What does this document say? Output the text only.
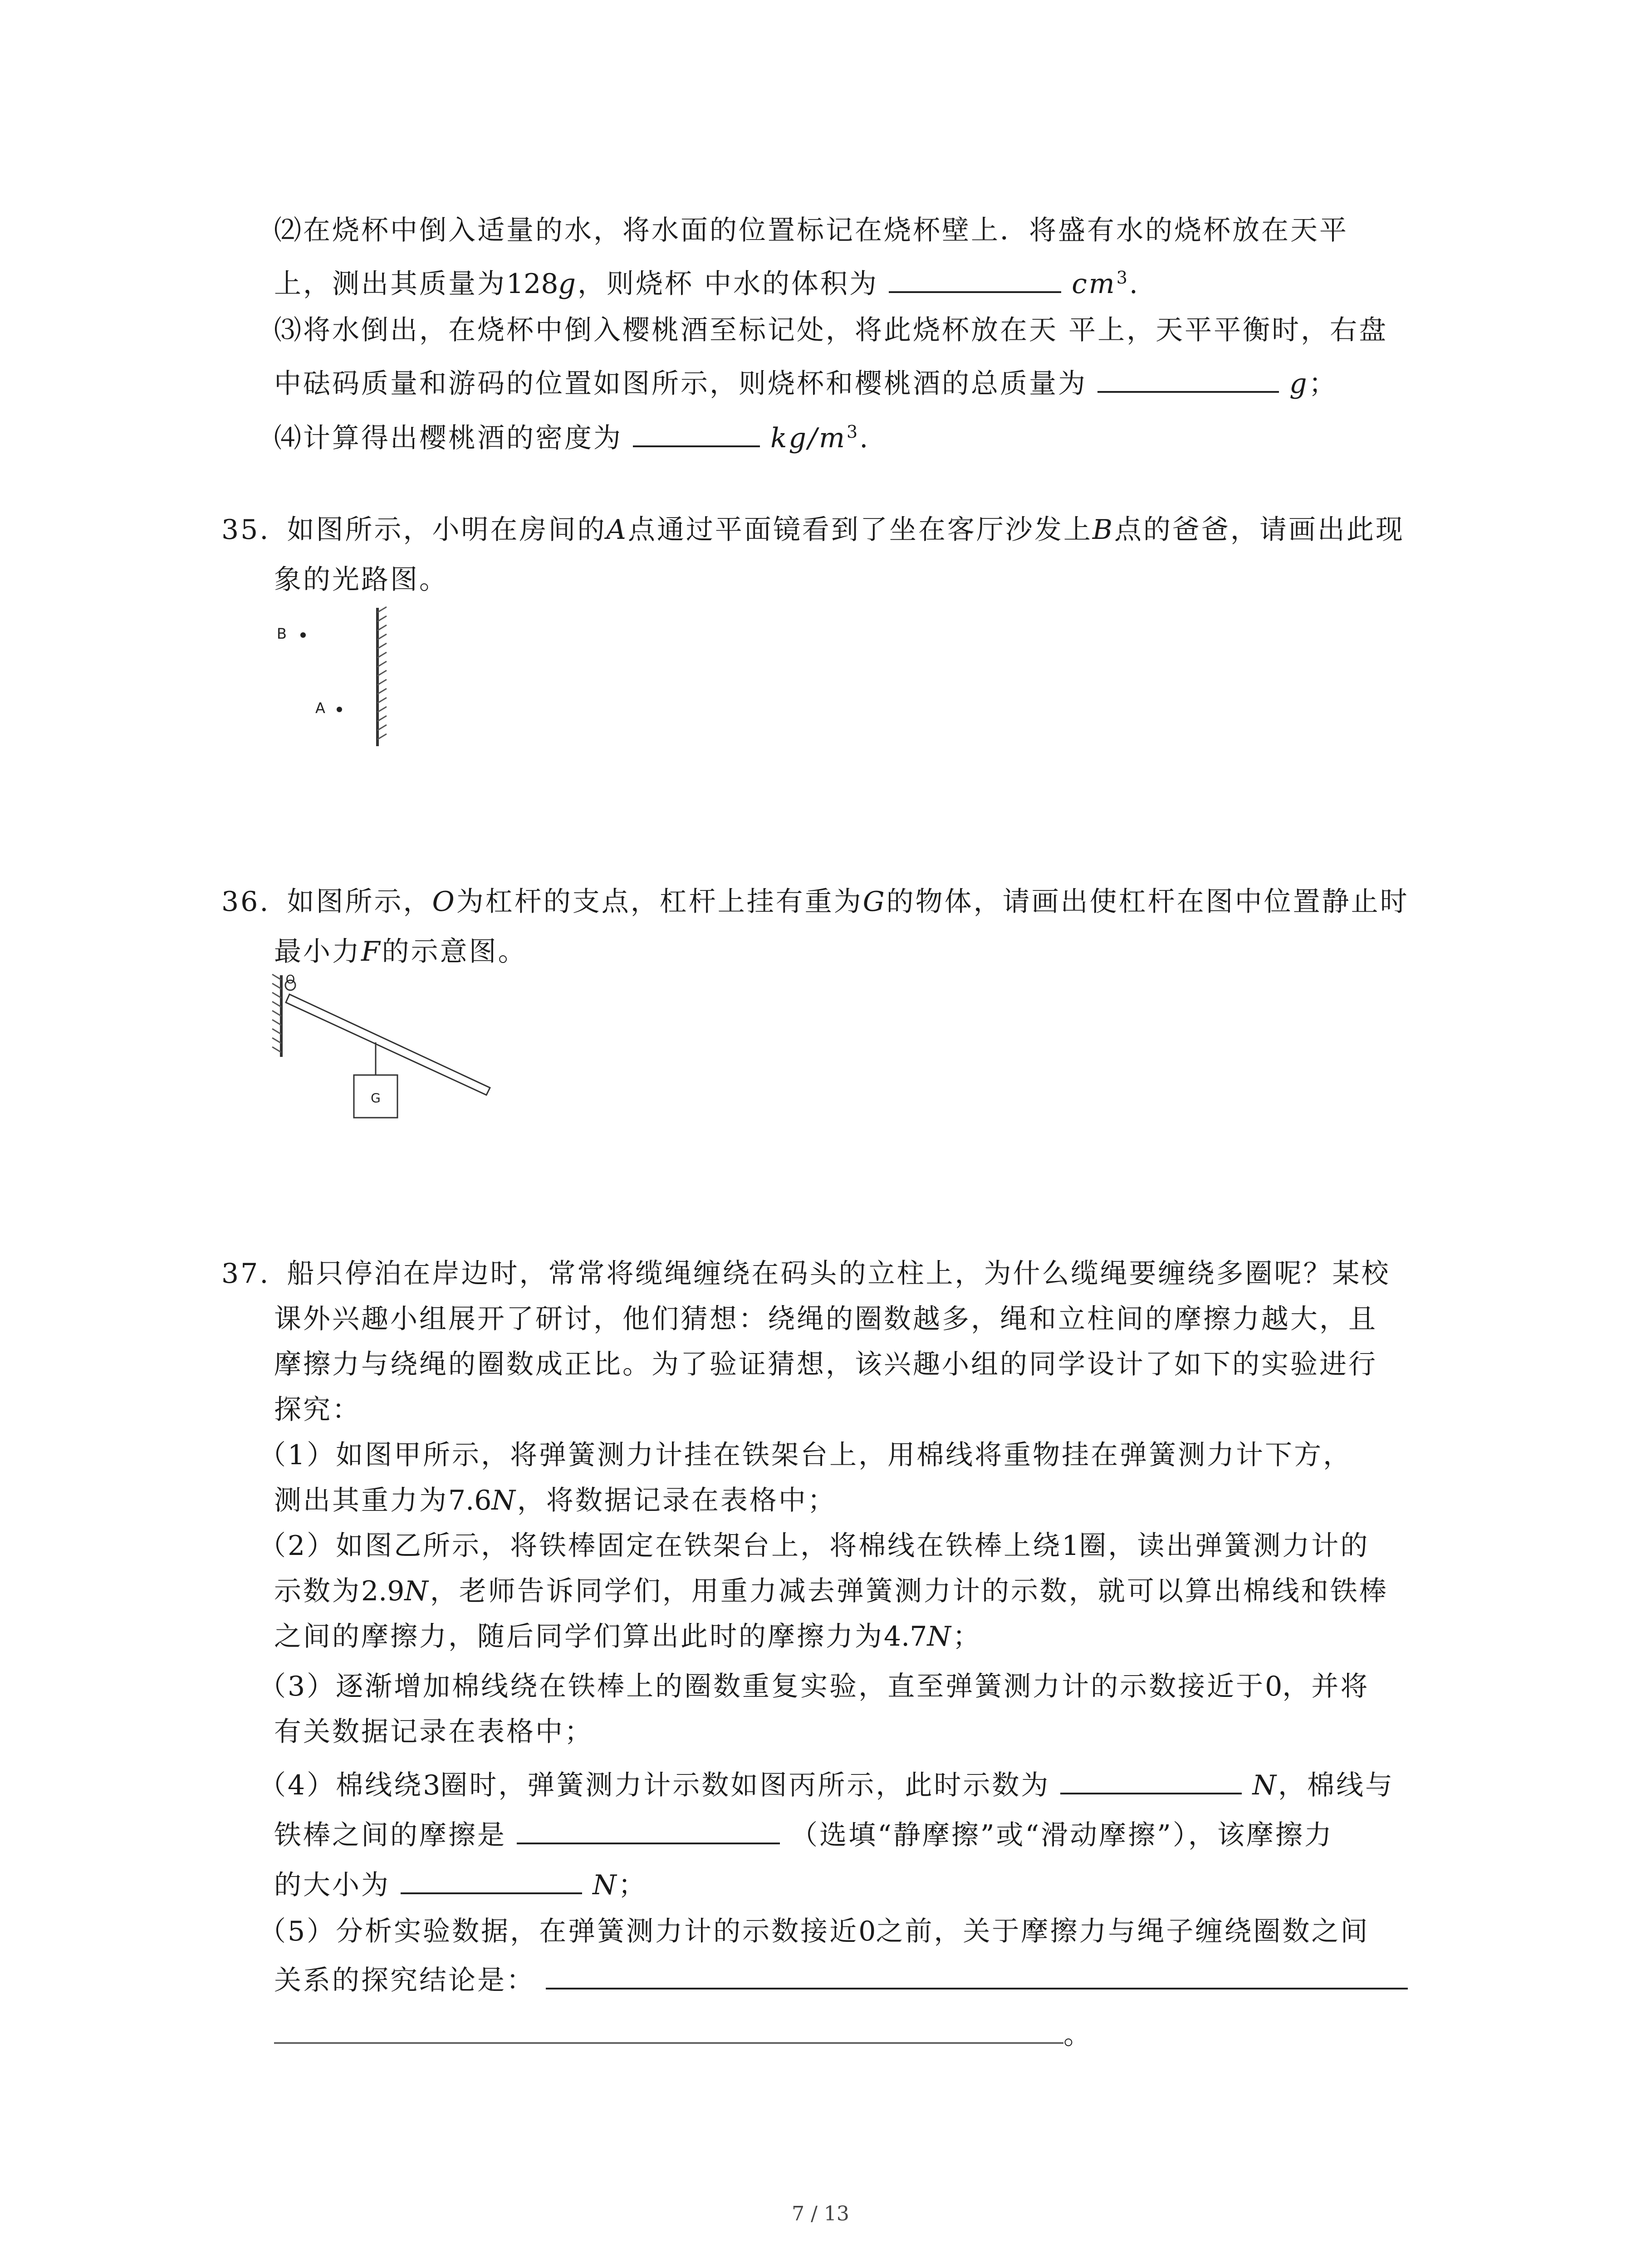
⑵在烧杯中倒入适量的水，将水面的位置标记在烧杯壁上．将盛有水的烧杯放在天平
上，测出其质量为128g，则烧杯 中水的体积为	$cm^3$.
⑶将水倒出，在烧杯中倒入樱桃酒至标记处，将此烧杯放在天 平上，天平平衡时，右盘
中砝码质量和游码的位置如图所示，则烧杯和樱桃酒的总质量为	g；
⑷计算得出樱桃酒的密度为	$kg/m^3$.
35. 如图所示，小明在房间的A点通过平面镜看到了坐在客厅沙发上B点的爸爸，请画出此现
象的光路图。
B
A
36. 如图所示，O为杠杆的支点，杠杆上挂有重为G的物体，请画出使杠杆在图中位置静止时
最小力F的示意图。
O
G
37. 船只停泊在岸边时，常常将缆绳缠绕在码头的立柱上，为什么缆绳要缠绕多圈呢？某校
课外兴趣小组展开了研讨，他们猜想：绕绳的圈数越多，绳和立柱间的摩擦力越大，且
摩擦力与绕绳的圈数成正比。为了验证猜想，该兴趣小组的同学设计了如下的实验进行
探究：
（1）如图甲所示，将弹簧测力计挂在铁架台上，用棉线将重物挂在弹簧测力计下方，
测出其重力为7.6N，将数据记录在表格中；
（2）如图乙所示，将铁棒固定在铁架台上，将棉线在铁棒上绕1圈，读出弹簧测力计的
示数为2.9N，老师告诉同学们，用重力减去弹簧测力计的示数，就可以算出棉线和铁棒
之间的摩擦力，随后同学们算出此时的摩擦力为4.7N；
（3）逐渐增加棉线绕在铁棒上的圈数重复实验，直至弹簧测力计的示数接近于0，并将
有关数据记录在表格中；
（4）棉线绕3圈时，弹簧测力计示数如图丙所示，此时示数为	N，棉线与
铁棒之间的摩擦是	（选填“静摩擦”或“滑动摩擦”），该摩擦力
的大小为	N；
（5）分析实验数据，在弹簧测力计的示数接近0之前，关于摩擦力与绳子缠绕圈数之间
关系的探究结论是：
。
7 / 13
